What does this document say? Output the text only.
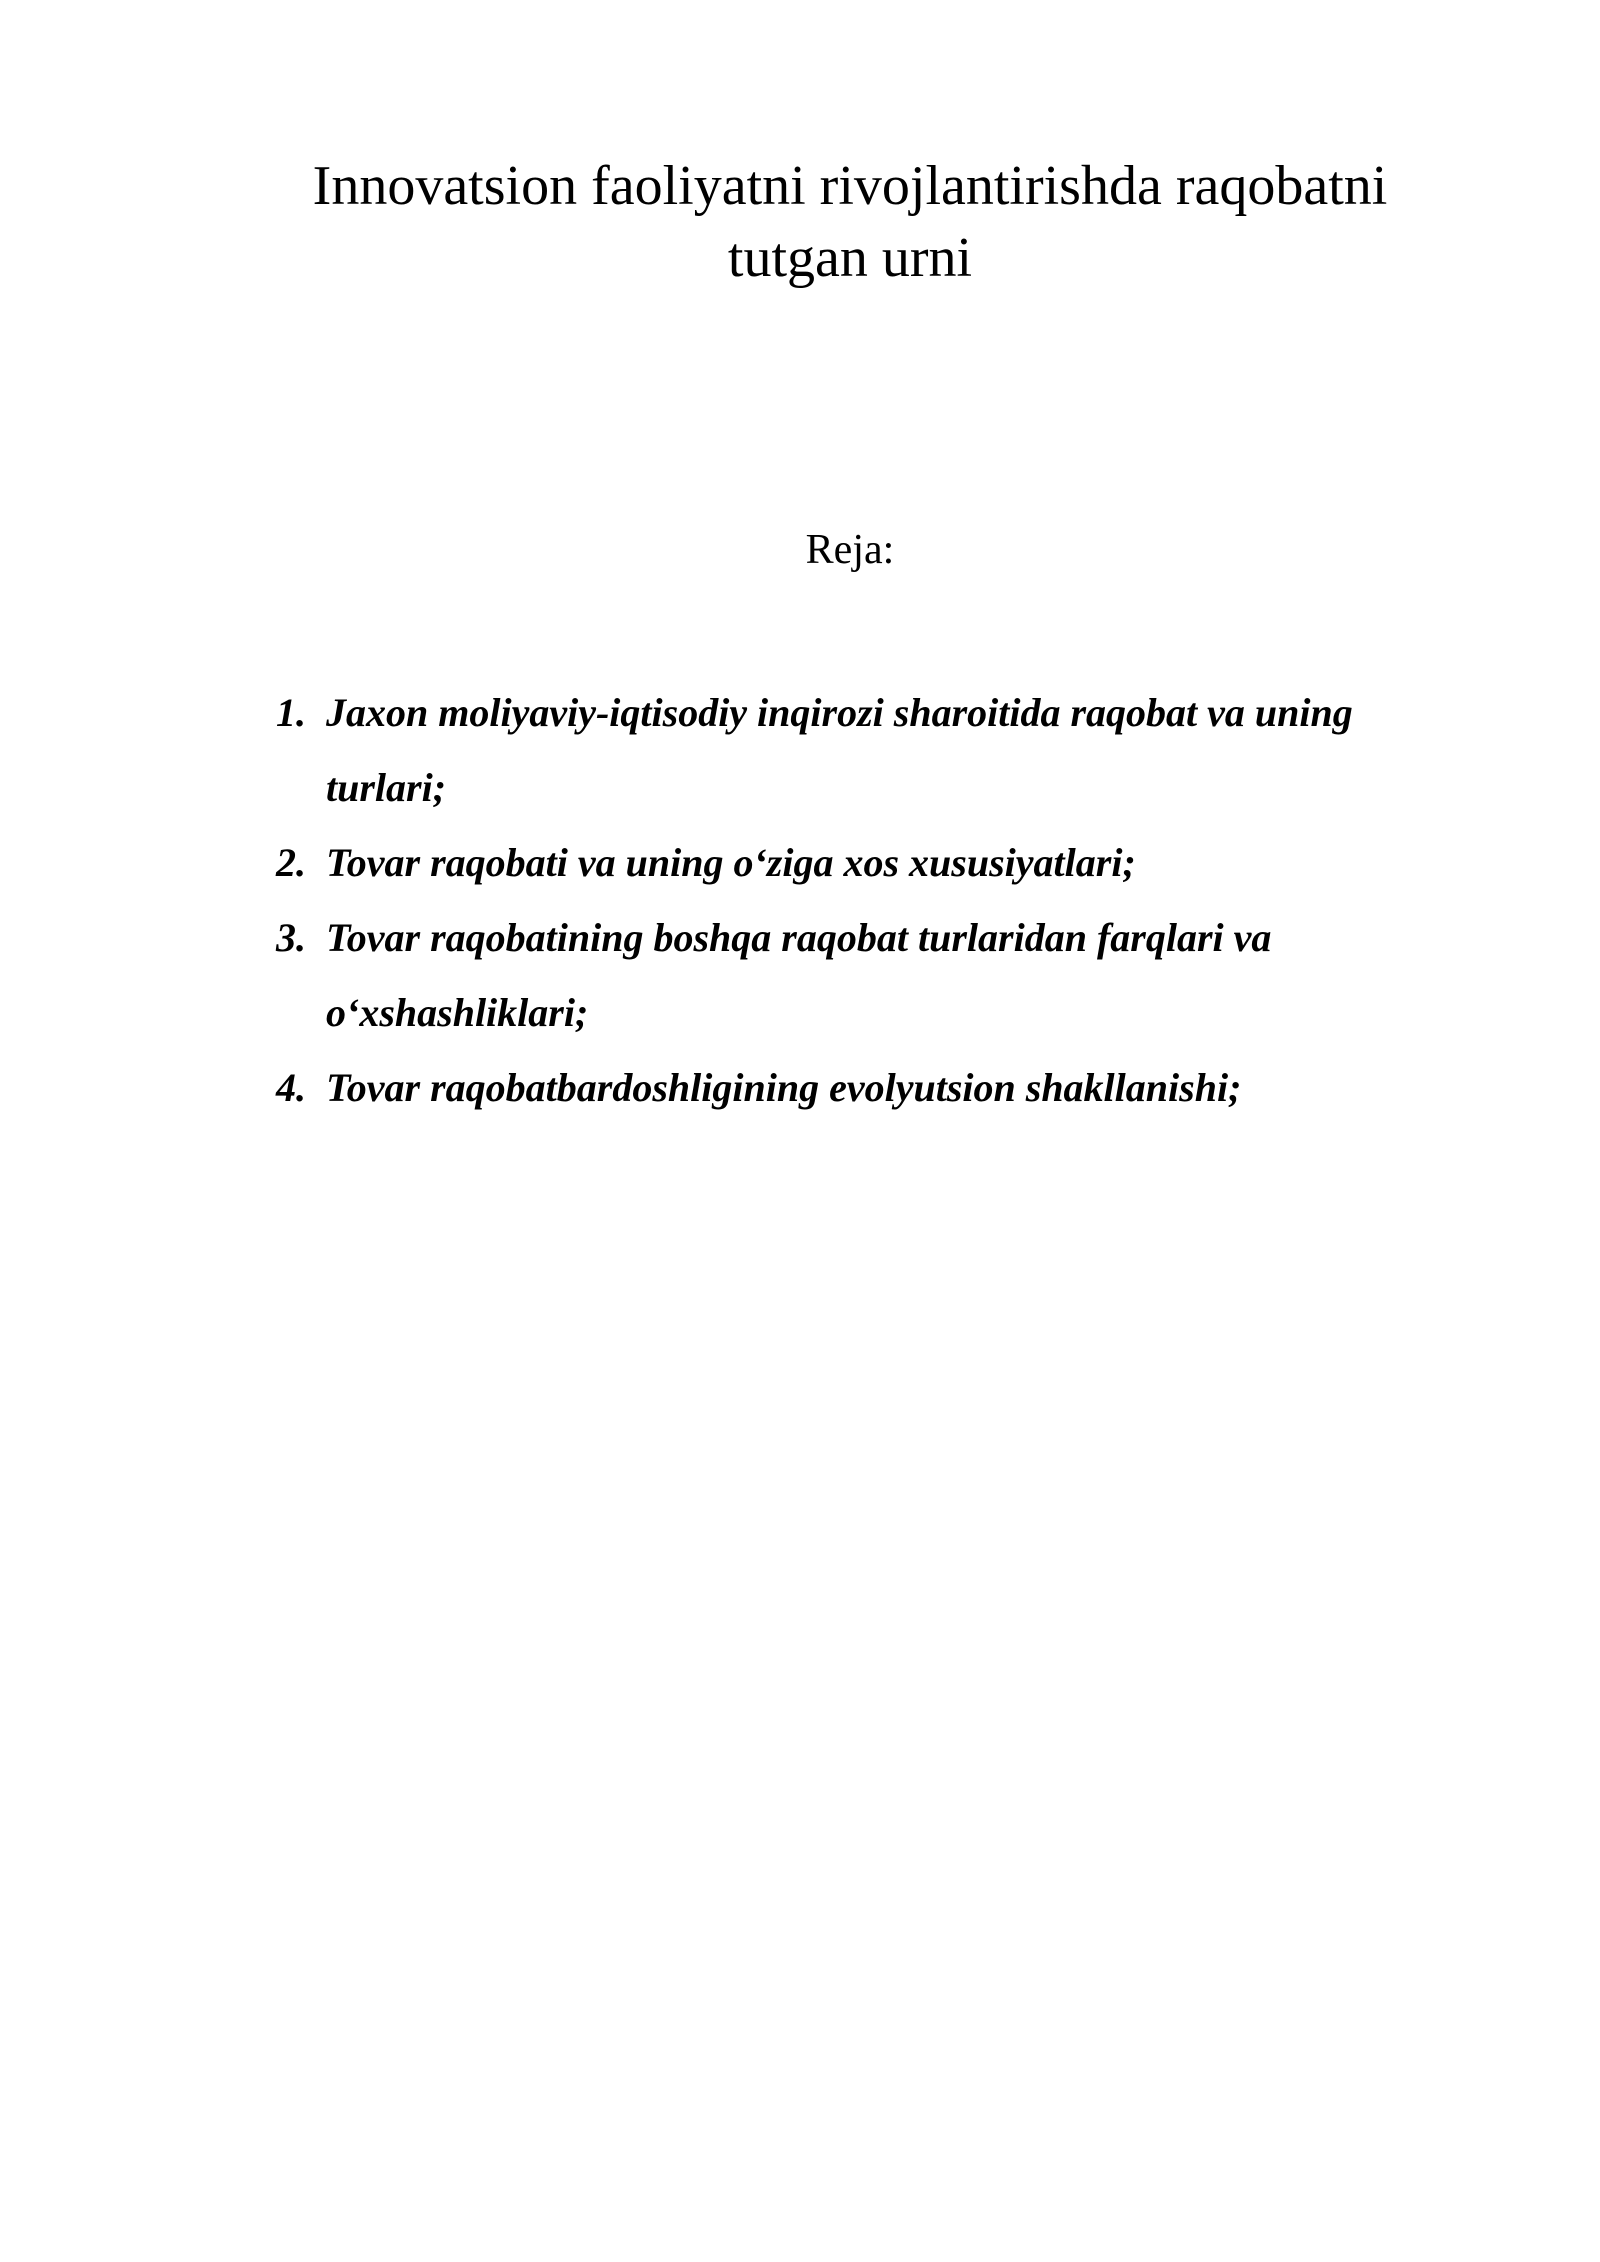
Innovatsion faoliyatni rivojlantirishda raqobatni
tutgan urni

Reja:

1. Jaxon moliyaviy-iqtisodiy inqirozi sharoitida raqobat va uning turlari;
2. Tovar raqobati va uning o‘ziga xos xususiyatlari;
3. Tovar raqobatining boshqa raqobat turlaridan farqlari va o‘xshashliklari;
4. Tovar raqobatbardoshligining evolyutsion shakllanishi;
